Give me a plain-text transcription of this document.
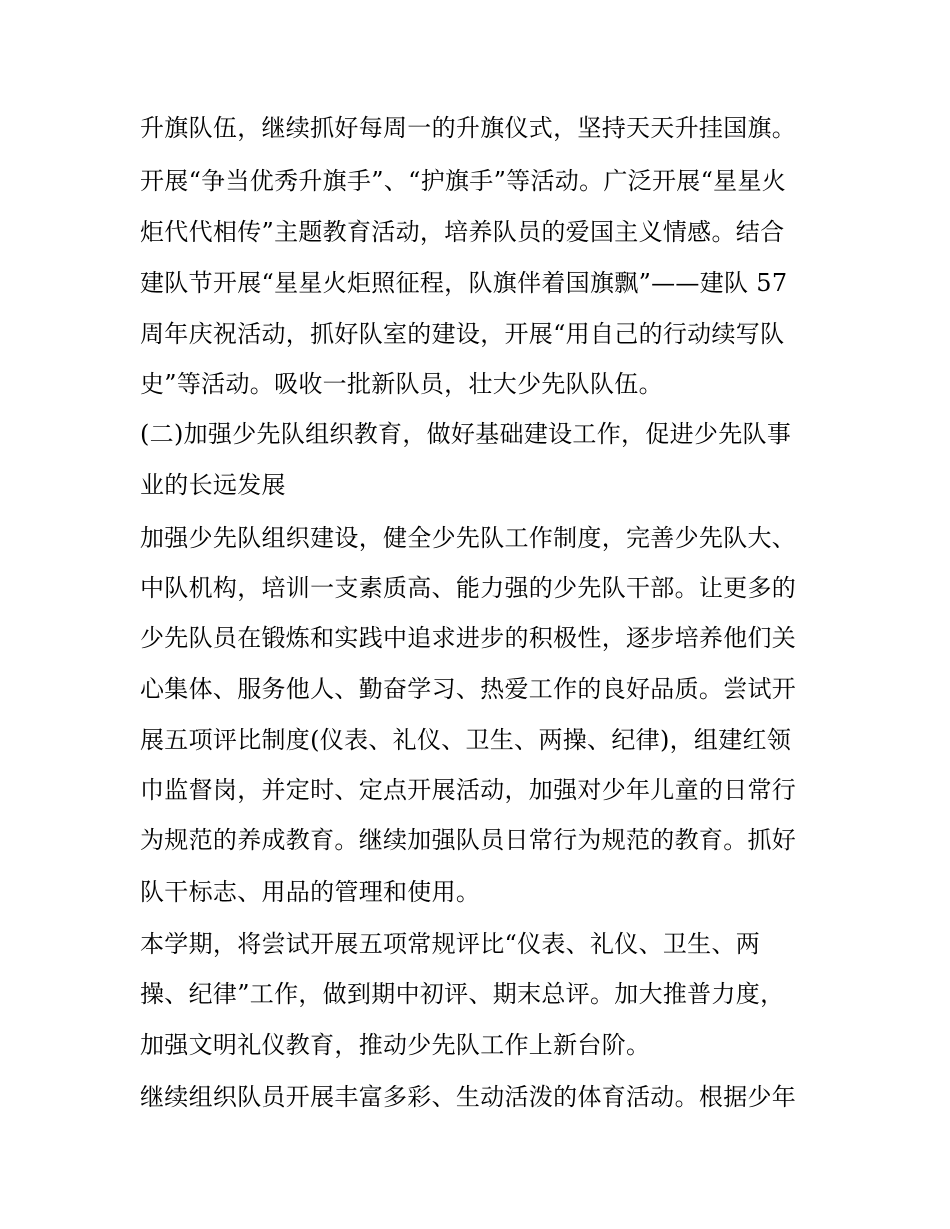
升旗队伍，继续抓好每周一的升旗仪式，坚持天天升挂国旗。
开展“争当优秀升旗手”、“护旗手”等活动。广泛开展“星星火
炬代代相传”主题教育活动，培养队员的爱国主义情感。结合
建队节开展“星星火炬照征程，队旗伴着国旗飘”——建队 57
周年庆祝活动，抓好队室的建设，开展“用自己的行动续写队
史”等活动。吸收一批新队员，壮大少先队队伍。
(二)加强少先队组织教育，做好基础建设工作，促进少先队事
业的长远发展
加强少先队组织建设，健全少先队工作制度，完善少先队大、
中队机构，培训一支素质高、能力强的少先队干部。让更多的
少先队员在锻炼和实践中追求进步的积极性，逐步培养他们关
心集体、服务他人、勤奋学习、热爱工作的良好品质。尝试开
展五项评比制度(仪表、礼仪、卫生、两操、纪律)，组建红领
巾监督岗，并定时、定点开展活动，加强对少年儿童的日常行
为规范的养成教育。继续加强队员日常行为规范的教育。抓好
队干标志、用品的管理和使用。
本学期，将尝试开展五项常规评比“仪表、礼仪、卫生、两
操、纪律”工作，做到期中初评、期末总评。加大推普力度，
加强文明礼仪教育，推动少先队工作上新台阶。
继续组织队员开展丰富多彩、生动活泼的体育活动。根据少年
